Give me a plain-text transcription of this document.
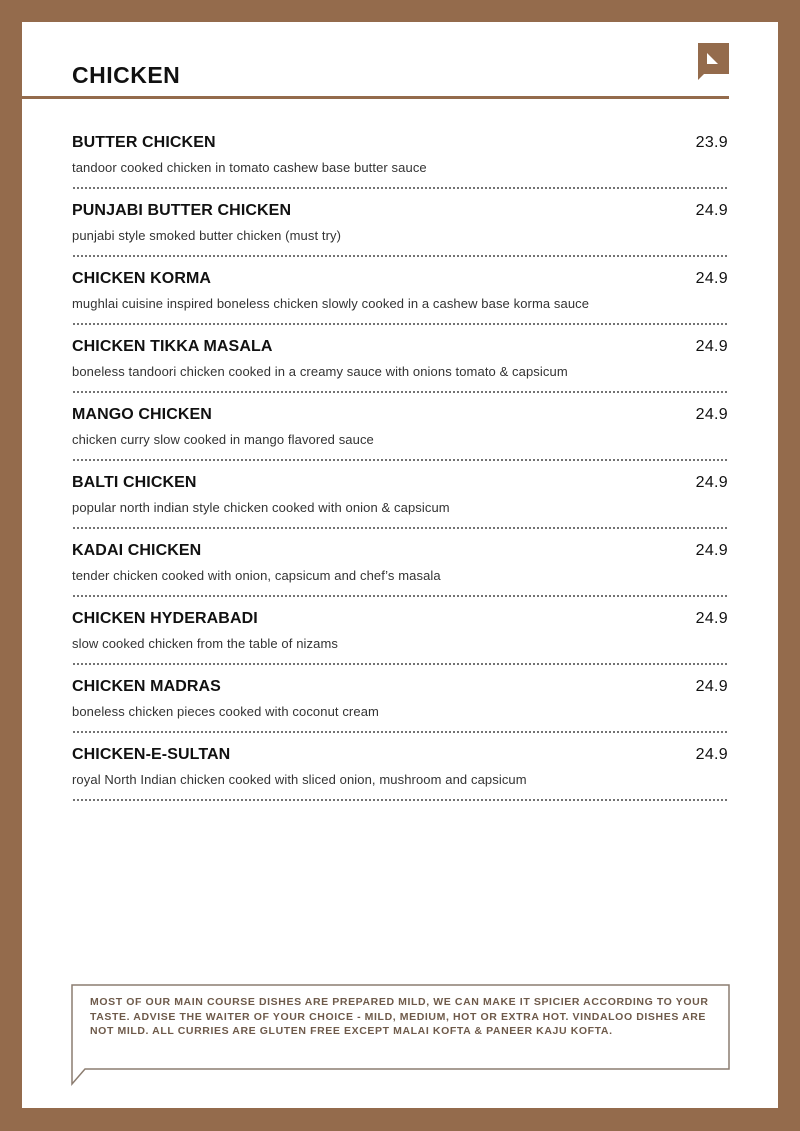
CHICKEN
BUTTER CHICKEN	23.9
tandoor cooked chicken in tomato cashew base butter sauce
PUNJABI BUTTER CHICKEN	24.9
punjabi style smoked butter chicken (must try)
CHICKEN KORMA	24.9
mughlai cuisine inspired boneless chicken slowly cooked in a cashew base korma sauce
CHICKEN TIKKA MASALA	24.9
boneless tandoori chicken cooked in a creamy sauce with onions tomato & capsicum
MANGO CHICKEN	24.9
chicken curry slow cooked in mango flavored sauce
BALTI CHICKEN	24.9
popular north indian style chicken cooked with onion & capsicum
KADAI CHICKEN	24.9
tender chicken cooked with onion, capsicum and chef’s masala
CHICKEN HYDERABADI	24.9
slow cooked chicken from the table of nizams
CHICKEN MADRAS	24.9
boneless chicken pieces cooked with coconut cream
CHICKEN-E-SULTAN	24.9
royal North Indian chicken cooked with sliced onion, mushroom and capsicum

MOST OF OUR MAIN COURSE DISHES ARE PREPARED MILD, WE CAN MAKE IT SPICIER ACCORDING TO YOUR TASTE. ADVISE THE WAITER OF YOUR CHOICE - MILD, MEDIUM, HOT OR EXTRA HOT. VINDALOO DISHES ARE NOT MILD. ALL CURRIES ARE GLUTEN FREE EXCEPT MALAI KOFTA & PANEER KAJU KOFTA.
